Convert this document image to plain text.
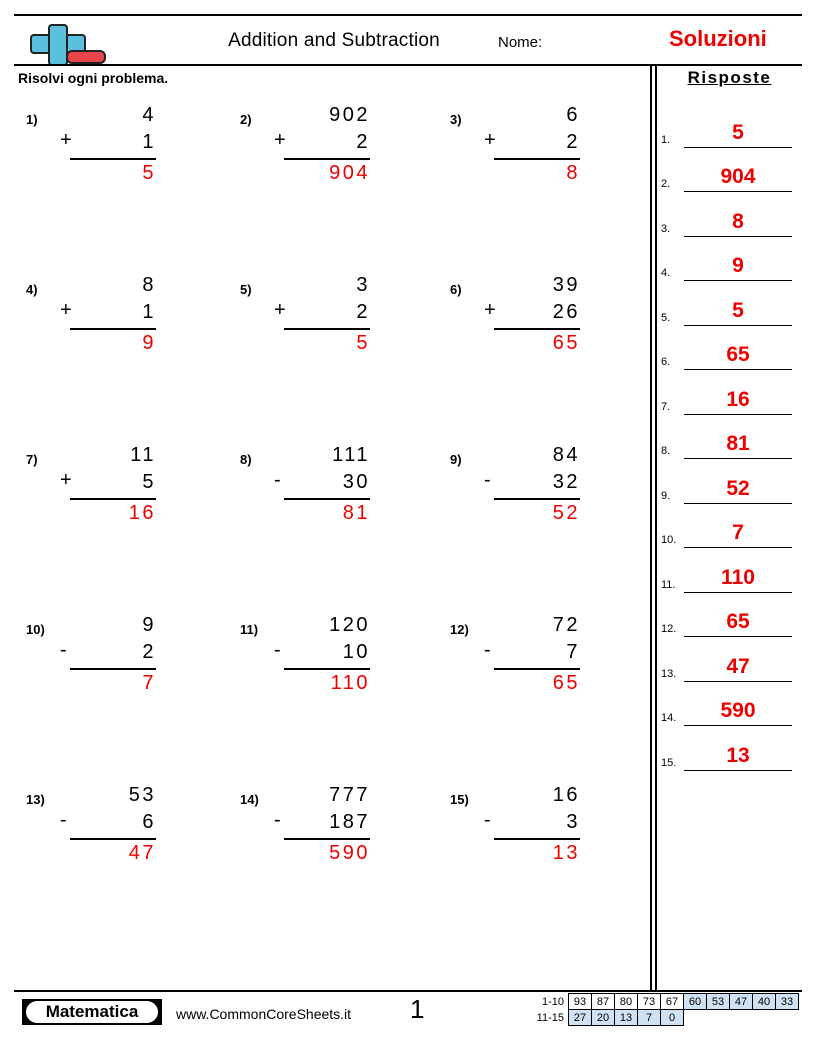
Addition and Subtraction	Nome:	Soluzioni
Risolvi ogni problema.
1)	4
+	1
5
2)	902
+	2
904
3)	6
+	2
8
4)	8
+	1
9
5)	3
+	2
5
6)	39
+	26
65
7)	11
+	5
16
8)	111
-	30
81
9)	84
-	32
52
10)	9
-	2
7
11)	120
-	10
110
12)	72
-	7
65
13)	53
-	6
47
14)	777
-	187
590
15)	16
-	3
13
Risposte
1.	5
2.	904
3.	8
4.	9
5.	5
6.	65
7.	16
8.	81
9.	52
10.	7
11.	110
12.	65
13.	47
14.	590
15.	13
Matematica	www.CommonCoreSheets.it 1	1-10	93	87	80	73	67	60	53	47	40	33
11-15	27	20	13	7	0					
